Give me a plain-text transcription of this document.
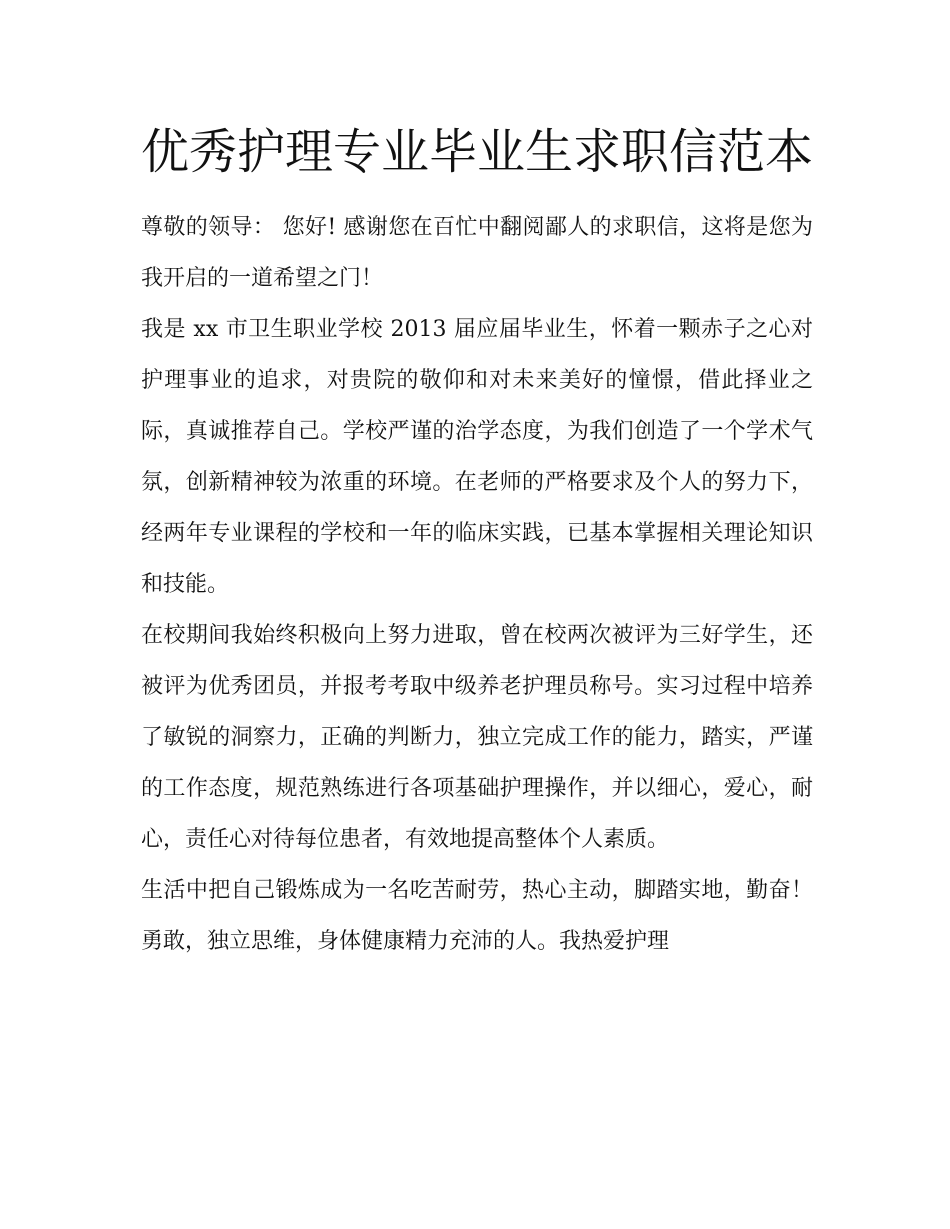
优秀护理专业毕业生求职信范本

尊敬的领导： 您好! 感谢您在百忙中翻阅鄙人的求职信，这将是您为我开启的一道希望之门！

我是 xx 市卫生职业学校 2013 届应届毕业生，怀着一颗赤子之心对护理事业的追求，对贵院的敬仰和对未来美好的憧憬，借此择业之际，真诚推荐自己。学校严谨的治学态度，为我们创造了一个学术气氛，创新精神较为浓重的环境。在老师的严格要求及个人的努力下，经两年专业课程的学校和一年的临床实践，已基本掌握相关理论知识和技能。

在校期间我始终积极向上努力进取，曾在校两次被评为三好学生，还被评为优秀团员，并报考考取中级养老护理员称号。实习过程中培养了敏锐的洞察力，正确的判断力，独立完成工作的能力，踏实，严谨的工作态度，规范熟练进行各项基础护理操作，并以细心，爱心，耐心，责任心对待每位患者，有效地提高整体个人素质。

生活中把自己锻炼成为一名吃苦耐劳，热心主动，脚踏实地，勤奋！勇敢，独立思维，身体健康精力充沛的人。我热爱护理
